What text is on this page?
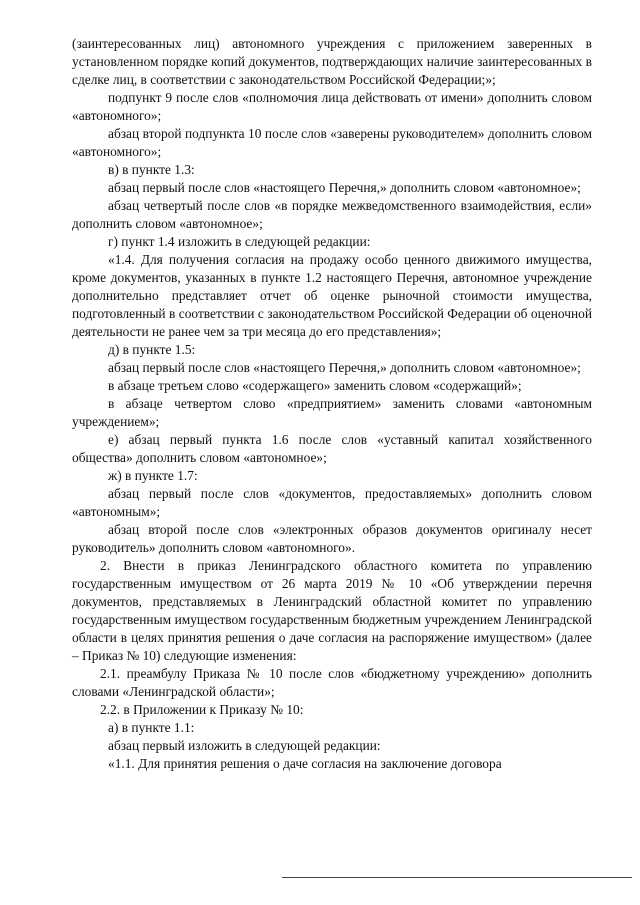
(заинтересованных лиц) автономного учреждения с приложением заверенных в установленном порядке копий документов, подтверждающих наличие заинтересованных в сделке лиц, в соответствии с законодательством Российской Федерации;»;

подпункт 9 после слов «полномочия лица действовать от имени» дополнить словом «автономного»;

абзац второй подпункта 10 после слов «заверены руководителем» дополнить словом «автономного»;

в) в пункте 1.3:

абзац первый после слов «настоящего Перечня,» дополнить словом «автономное»;

абзац четвертый после слов «в порядке межведомственного взаимодействия, если» дополнить словом «автономное»;

г) пункт 1.4 изложить в следующей редакции:

«1.4. Для получения согласия на продажу особо ценного движимого имущества, кроме документов, указанных в пункте 1.2 настоящего Перечня, автономное учреждение дополнительно представляет отчет об оценке рыночной стоимости имущества, подготовленный в соответствии с законодательством Российской Федерации об оценочной деятельности не ранее чем за три месяца до его представления»;

д) в пункте 1.5:

абзац первый после слов «настоящего Перечня,» дополнить словом «автономное»;

в абзаце третьем слово «содержащего» заменить словом «содержащий»;

в абзаце четвертом слово «предприятием» заменить словами «автономным учреждением»;

е) абзац первый пункта 1.6 после слов «уставный капитал хозяйственного общества» дополнить словом «автономное»;

ж) в пункте 1.7:

абзац первый после слов «документов, предоставляемых» дополнить словом «автономным»;

абзац второй после слов «электронных образов документов оригиналу несет руководитель» дополнить словом «автономного».

2. Внести в приказ Ленинградского областного комитета по управлению государственным имуществом от 26 марта 2019 № 10 «Об утверждении перечня документов, представляемых в Ленинградский областной комитет по управлению государственным имуществом государственным бюджетным учреждением Ленинградской области в целях принятия решения о даче согласия на распоряжение имуществом» (далее – Приказ № 10) следующие изменения:

2.1. преамбулу Приказа № 10 после слов «бюджетному учреждению» дополнить словами «Ленинградской области»;

2.2. в Приложении к Приказу № 10:

а) в пункте 1.1:

абзац первый изложить в следующей редакции:

«1.1. Для принятия решения о даче согласия на заключение договора
